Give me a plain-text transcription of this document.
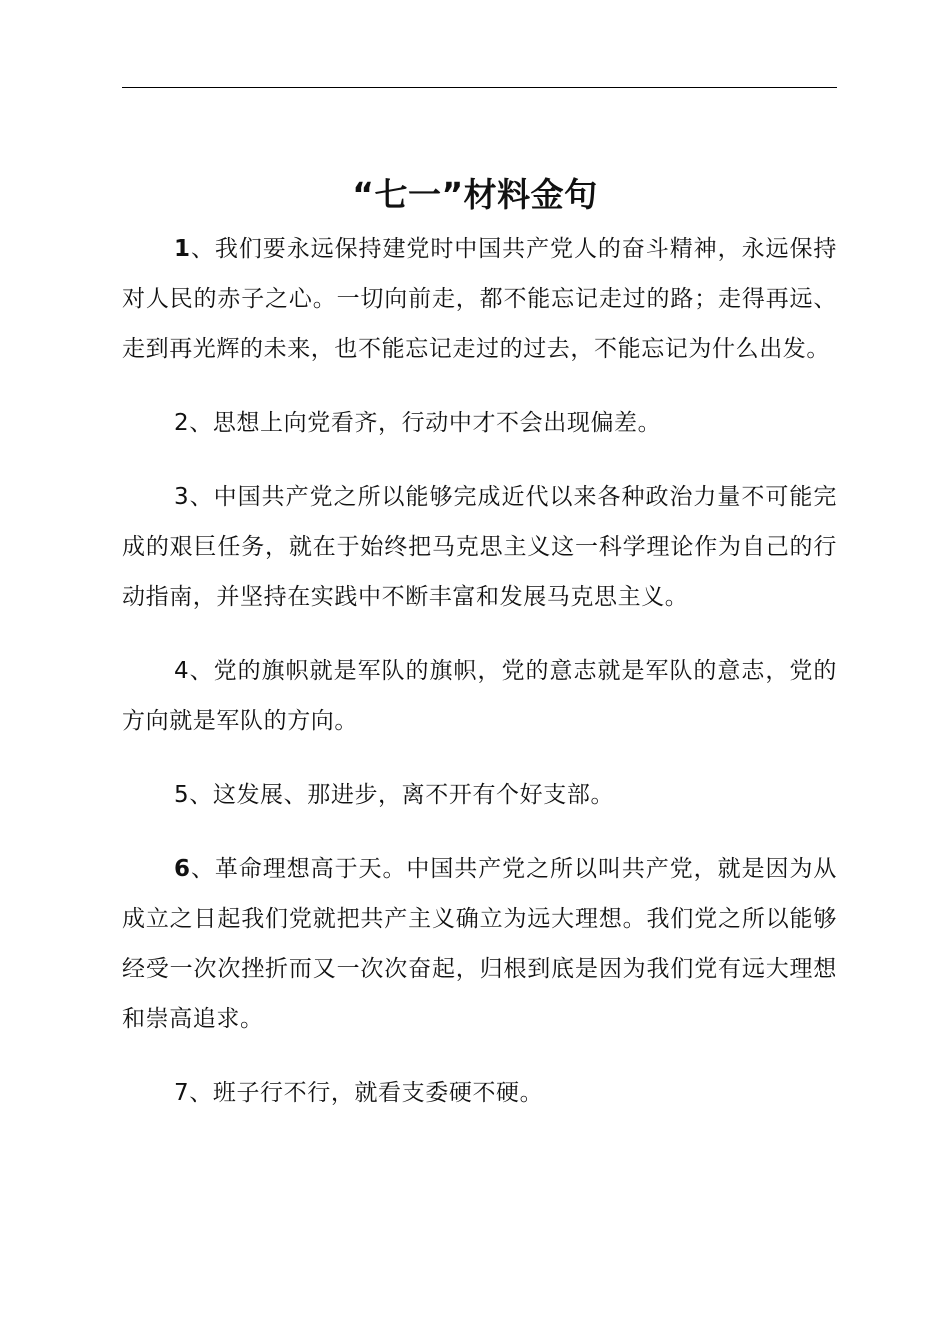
“七一”材料金句

1、我们要永远保持建党时中国共产党人的奋斗精神，永远保持对人民的赤子之心。一切向前走，都不能忘记走过的路；走得再远、走到再光辉的未来，也不能忘记走过的过去，不能忘记为什么出发。

2、思想上向党看齐，行动中才不会出现偏差。

3、中国共产党之所以能够完成近代以来各种政治力量不可能完成的艰巨任务，就在于始终把马克思主义这一科学理论作为自己的行动指南，并坚持在实践中不断丰富和发展马克思主义。

4、党的旗帜就是军队的旗帜，党的意志就是军队的意志，党的方向就是军队的方向。

5、这发展、那进步，离不开有个好支部。

6、革命理想高于天。中国共产党之所以叫共产党，就是因为从成立之日起我们党就把共产主义确立为远大理想。我们党之所以能够经受一次次挫折而又一次次奋起，归根到底是因为我们党有远大理想和崇高追求。

7、班子行不行，就看支委硬不硬。
